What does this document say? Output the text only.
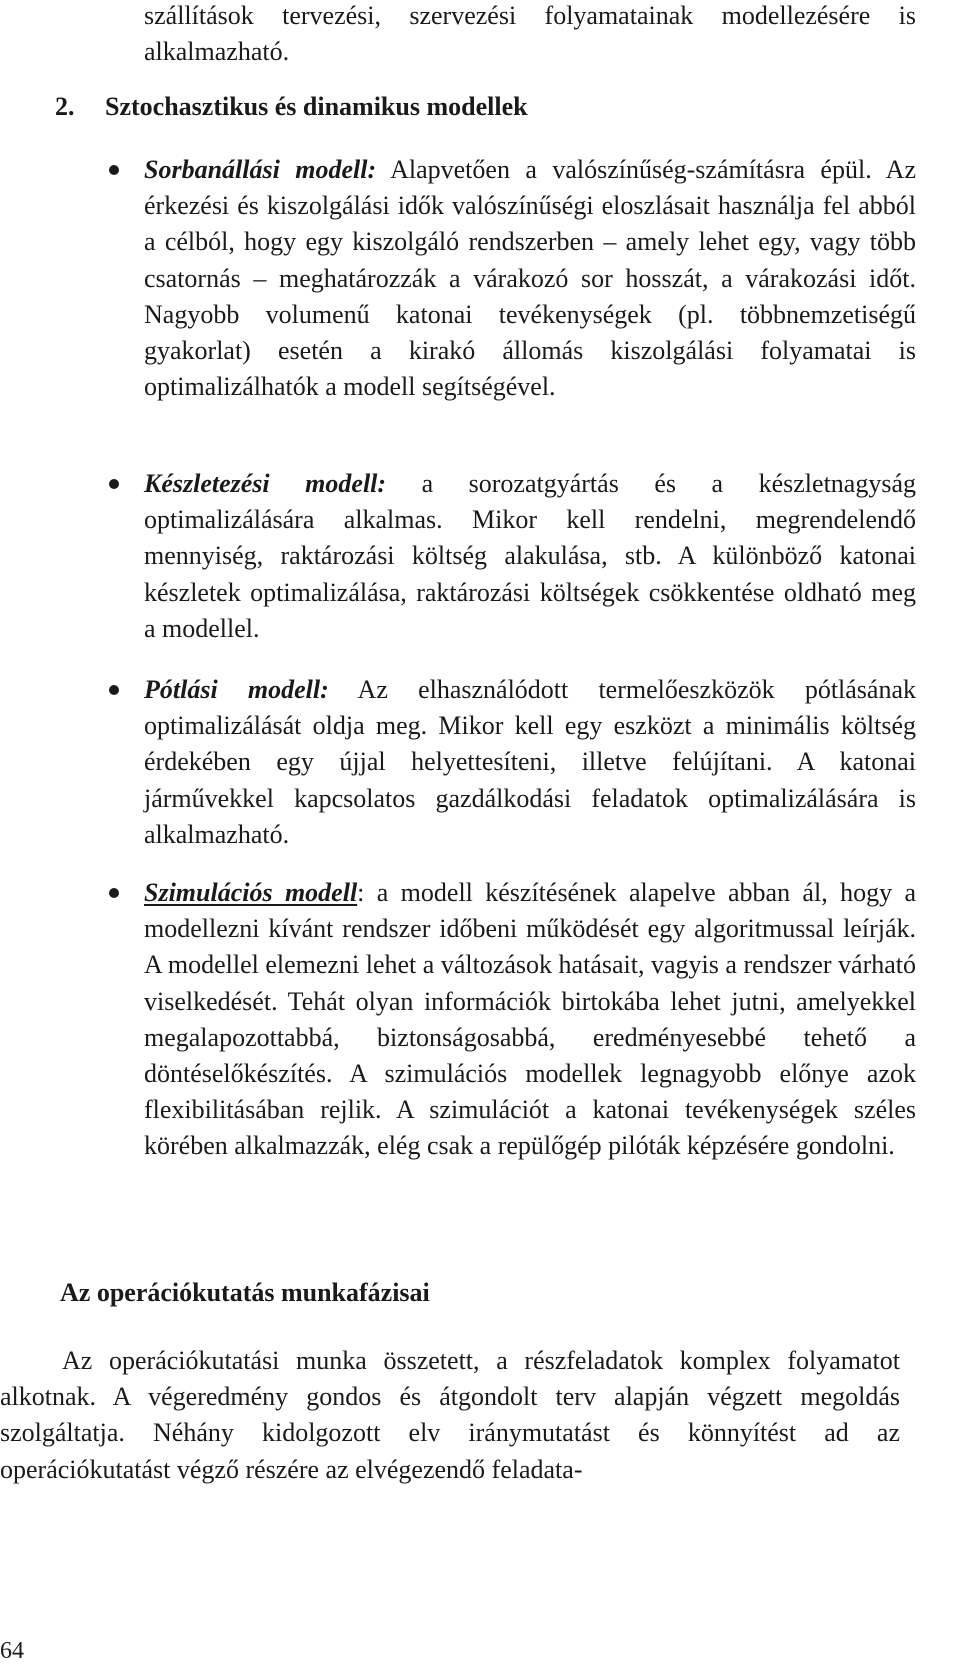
szállítások tervezési, szervezési folyamatainak modellezésére is alkalmazható.

2. Sztochasztikus és dinamikus modellek

Sorbanállási modell: Alapvetően a valószínűség-számításra épül. Az érkezési és kiszolgálási idők valószínűségi eloszlásait használja fel abból a célból, hogy egy kiszolgáló rendszerben – amely lehet egy, vagy több csatornás – meghatározzák a várakozó sor hosszát, a várakozási időt. Nagyobb volumenű katonai tevékenységek (pl. többnemzetiségű gyakorlat) esetén a kirakó állomás kiszolgálási folyamatai is optimalizálhatók a modell segítségével.

Készletezési modell: a sorozatgyártás és a készletnagyság optimalizálására alkalmas. Mikor kell rendelni, megrendelendő mennyiség, raktározási költség alakulása, stb. A különböző katonai készletek optimalizálása, raktározási költségek csökkentése oldható meg a modellel.

Pótlási modell: Az elhasználódott termelőeszközök pótlásának optimalizálását oldja meg. Mikor kell egy eszközt a minimális költség érdekében egy újjal helyettesíteni, illetve felújítani. A katonai járművekkel kapcsolatos gazdálkodási feladatok optimalizálására is alkalmazható.

Szimulációs modell: a modell készítésének alapelve abban ál, hogy a modellezni kívánt rendszer időbeni működését egy algoritmussal leírják. A modellel elemezni lehet a változások hatásait, vagyis a rendszer várható viselkedését. Tehát olyan információk birtokába lehet jutni, amelyekkel megalapozottabbá, biztonságosabbá, eredményesebbé tehető a döntéselőkészítés. A szimulációs modellek legnagyobb előnye azok flexibilitásában rejlik. A szimulációt a katonai tevékenységek széles körében alkalmazzák, elég csak a repülőgép pilóták képzésére gondolni.

Az operációkutatás munkafázisai

Az operációkutatási munka összetett, a részfeladatok komplex folyamatot alkotnak. A végeredmény gondos és átgondolt terv alapján végzett megoldás szolgáltatja. Néhány kidolgozott elv iránymutatást és könnyítést ad az operációkutatást végző részére az elvégezendő feladata-

64
